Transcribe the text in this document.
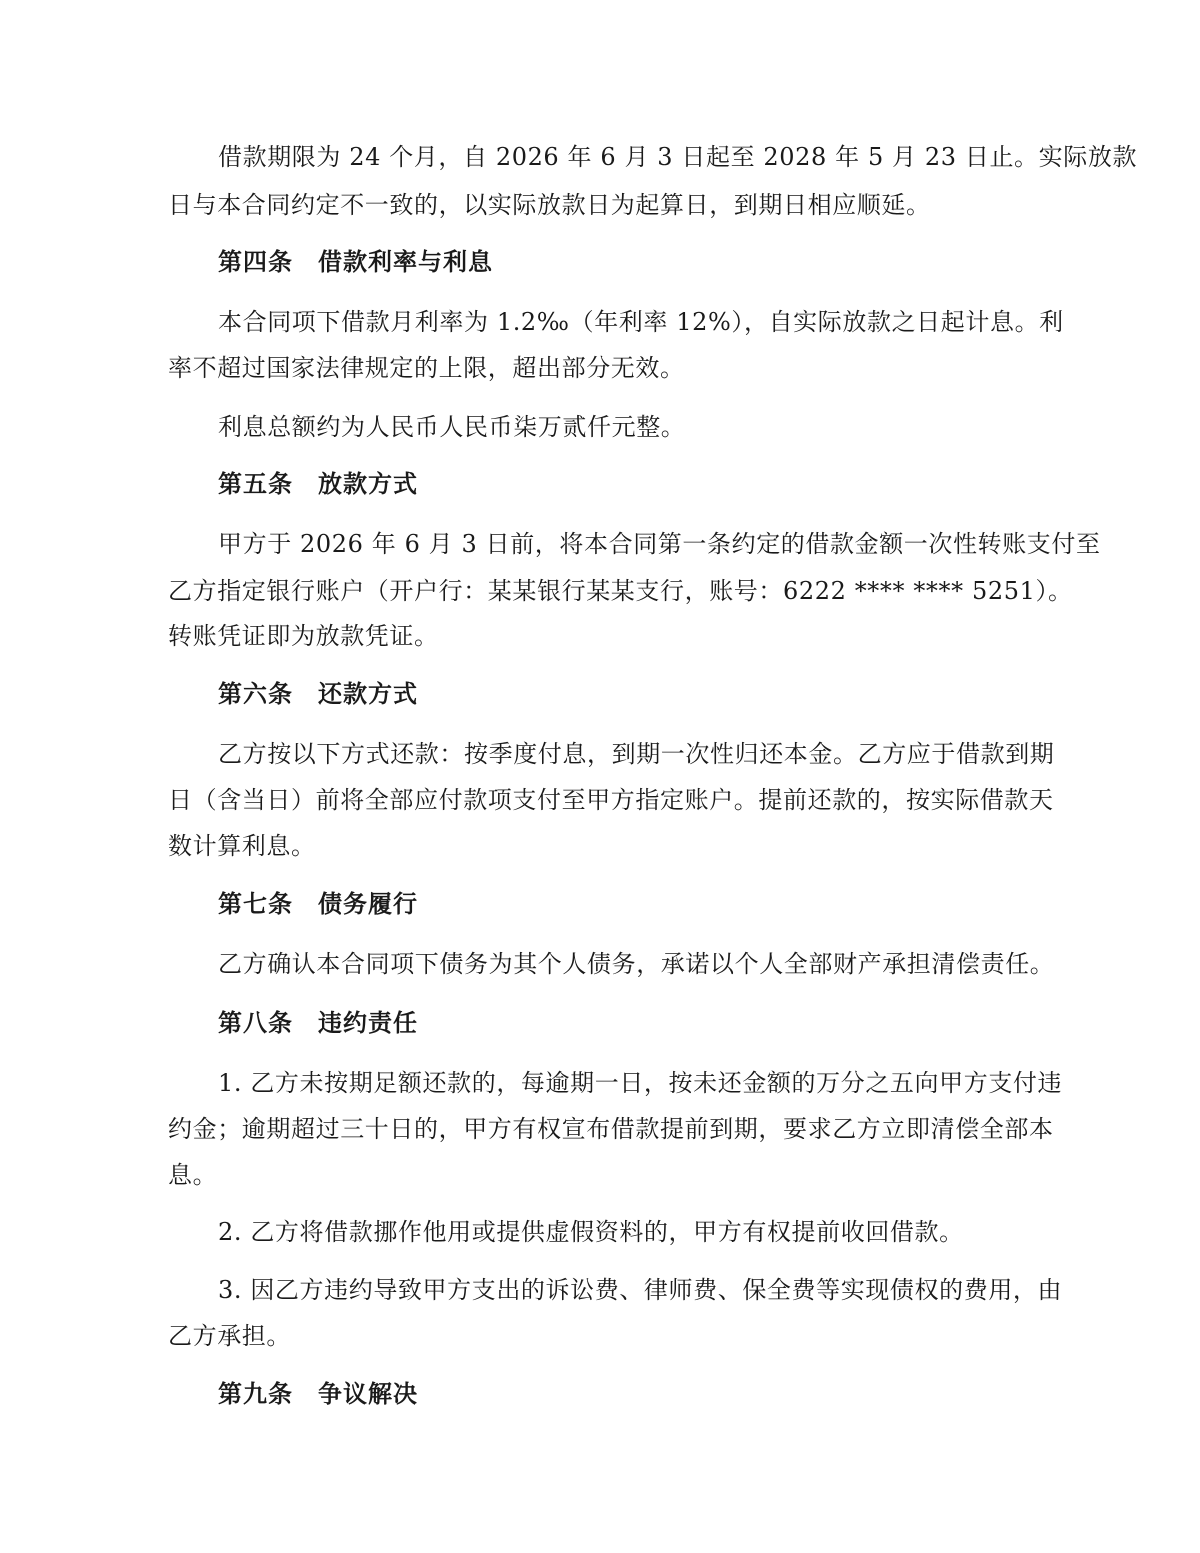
借款期限为 24 个月，自 2026 年 6 月 3 日起至 2028 年 5 月 23 日止。实际放款
日与本合同约定不一致的，以实际放款日为起算日，到期日相应顺延。
第四条　借款利率与利息
本合同项下借款月利率为 1.2‰（年利率 12%），自实际放款之日起计息。利
率不超过国家法律规定的上限，超出部分无效。
利息总额约为人民币人民币柒万贰仟元整。
第五条　放款方式
甲方于 2026 年 6 月 3 日前，将本合同第一条约定的借款金额一次性转账支付至
乙方指定银行账户（开户行：某某银行某某支行，账号：6222 **** **** 5251）。
转账凭证即为放款凭证。
第六条　还款方式
乙方按以下方式还款：按季度付息，到期一次性归还本金。乙方应于借款到期
日（含当日）前将全部应付款项支付至甲方指定账户。提前还款的，按实际借款天
数计算利息。
第七条　债务履行
乙方确认本合同项下债务为其个人债务，承诺以个人全部财产承担清偿责任。
第八条　违约责任
1. 乙方未按期足额还款的，每逾期一日，按未还金额的万分之五向甲方支付违
约金；逾期超过三十日的，甲方有权宣布借款提前到期，要求乙方立即清偿全部本
息。
2. 乙方将借款挪作他用或提供虚假资料的，甲方有权提前收回借款。
3. 因乙方违约导致甲方支出的诉讼费、律师费、保全费等实现债权的费用，由
乙方承担。
第九条　争议解决
